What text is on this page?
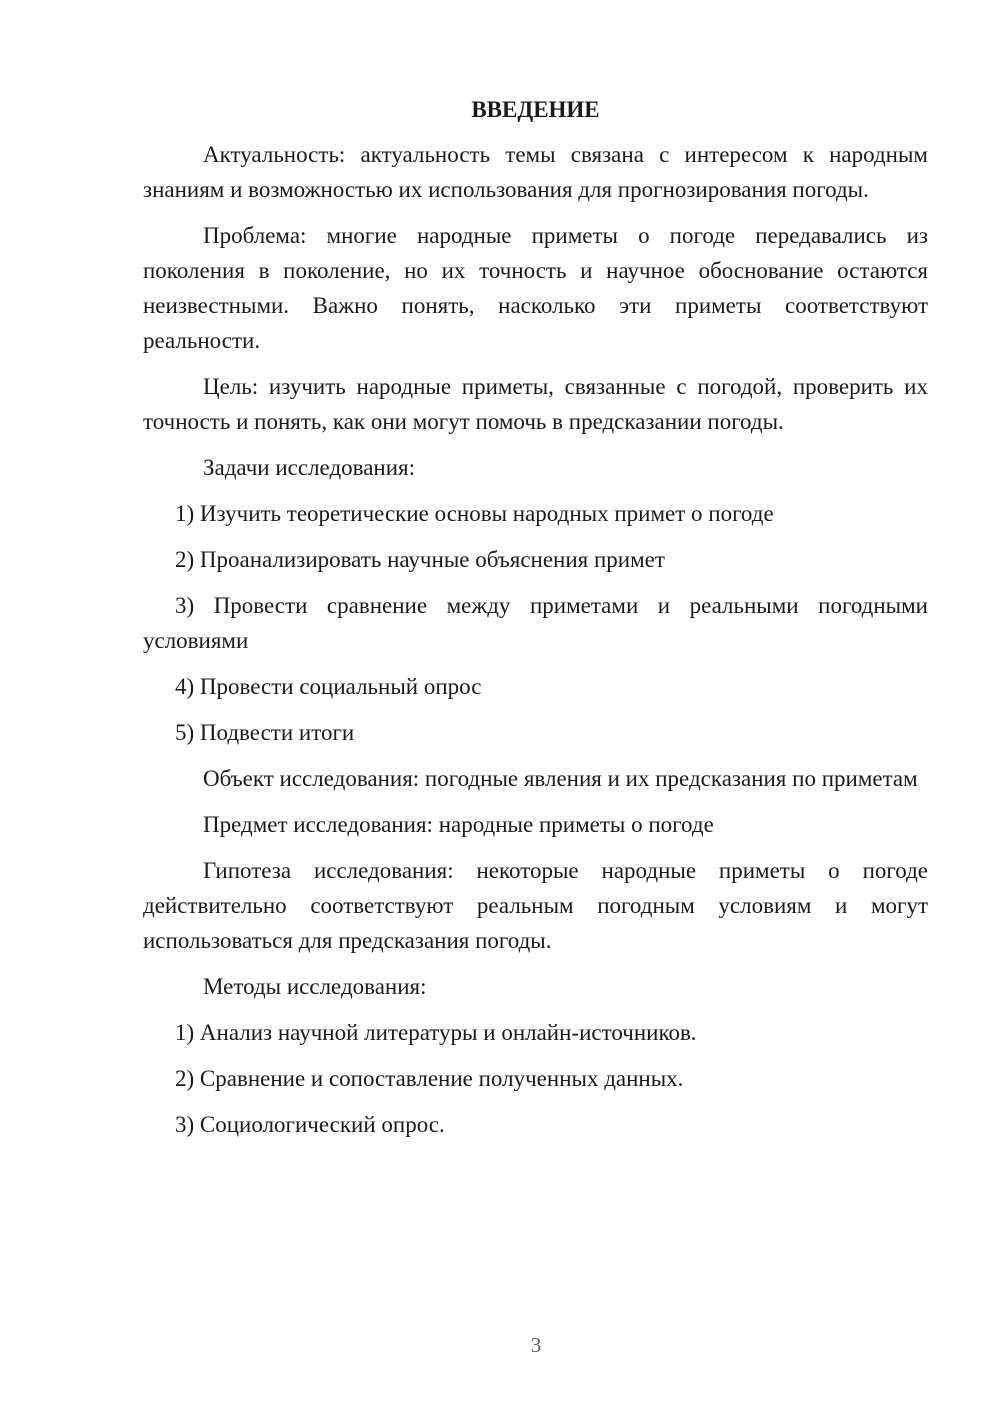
ВВЕДЕНИЕ

Актуальность: актуальность темы связана с интересом к народным знаниям и возможностью их использования для прогнозирования погоды.

Проблема: многие народные приметы о погоде передавались из поколения в поколение, но их точность и научное обоснование остаются неизвестными. Важно понять, насколько эти приметы соответствуют реальности.

Цель: изучить народные приметы, связанные с погодой, проверить их точность и понять, как они могут помочь в предсказании погоды.

Задачи исследования:

1) Изучить теоретические основы народных примет о погоде

2) Проанализировать научные объяснения примет

3) Провести сравнение между приметами и реальными погодными условиями

4) Провести социальный опрос

5) Подвести итоги

Объект исследования: погодные явления и их предсказания по приметам

Предмет исследования: народные приметы о погоде

Гипотеза исследования: некоторые народные приметы о погоде действительно соответствуют реальным погодным условиям и могут использоваться для предсказания погоды.

Методы исследования:

1) Анализ научной литературы и онлайн-источников.

2) Сравнение и сопоставление полученных данных.

3) Социологический опрос.

3
